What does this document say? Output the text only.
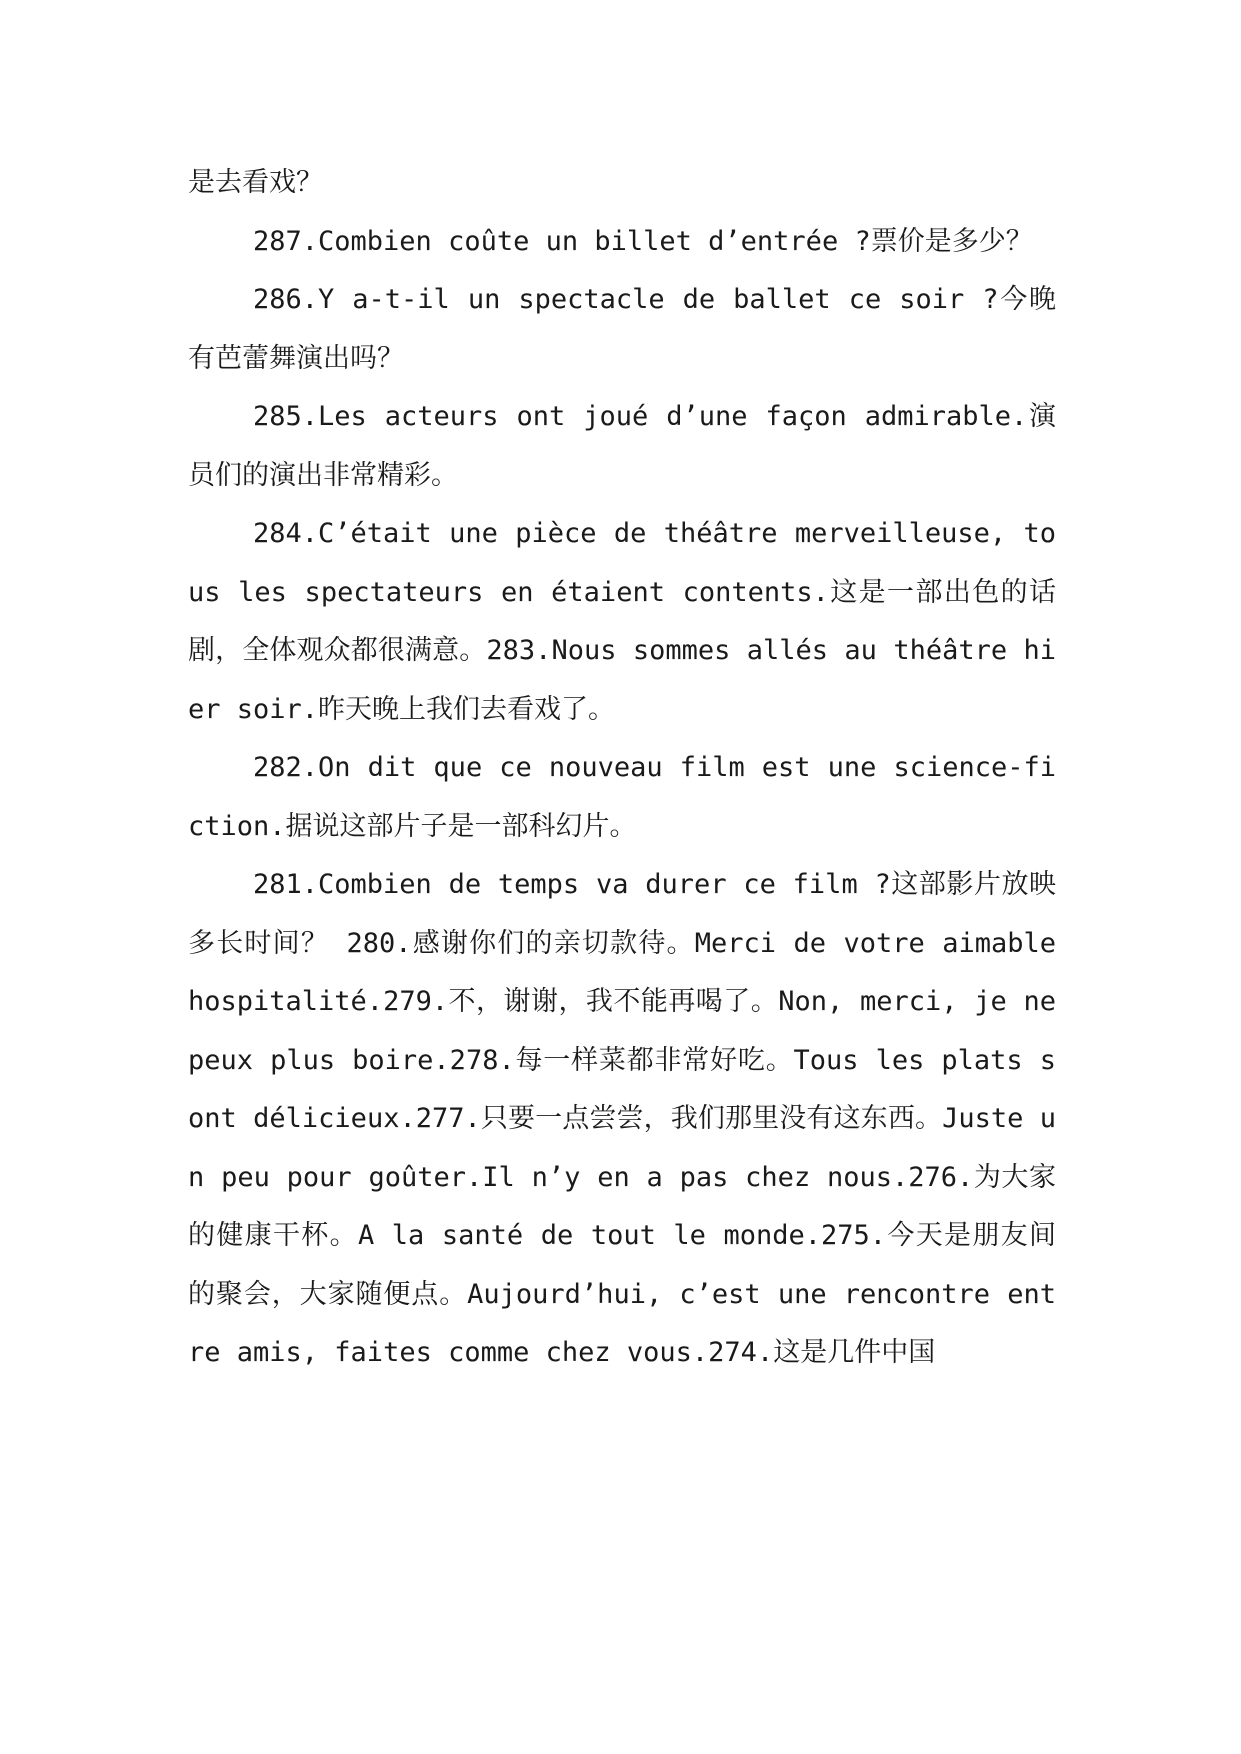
是去看戏？

287.Combien coûte un billet d’entrée ?票价是多少？

286.Y a-t-il un spectacle de ballet ce soir ?今晚有芭蕾舞演出吗？

285.Les acteurs ont joué d’une façon admirable.演员们的演出非常精彩。

284.C’était une pièce de théâtre merveilleuse, tous les spectateurs en étaient contents.这是一部出色的话剧，全体观众都很满意。283.Nous sommes allés au théâtre hier soir.昨天晚上我们去看戏了。

282.On dit que ce nouveau film est une science-fiction.据说这部片子是一部科幻片。

281.Combien de temps va durer ce film ?这部影片放映多长时间？ 280.感谢你们的亲切款待。Merci de votre aimable hospitalité.279.不，谢谢，我不能再喝了。Non, merci, je ne peux plus boire.278.每一样菜都非常好吃。Tous les plats sont délicieux.277.只要一点尝尝，我们那里没有这东西。Juste un peu pour goûter.Il n’y en a pas chez nous.276.为大家的健康干杯。A la santé de tout le monde.275.今天是朋友间的聚会，大家随便点。Aujourd’hui, c’est une rencontre entre amis, faites comme chez vous.274.这是几件中国
